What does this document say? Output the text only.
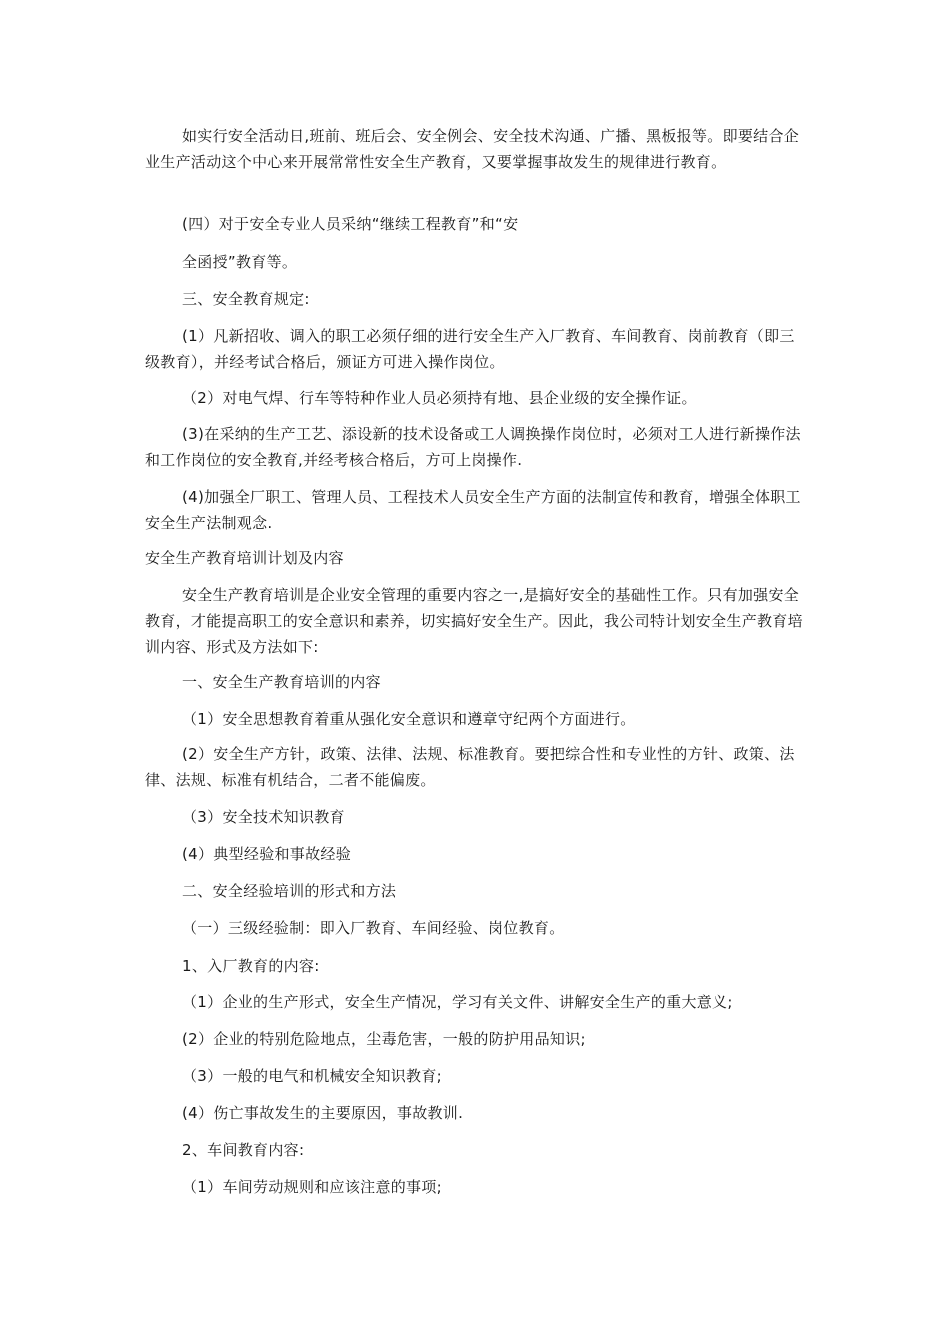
如实行安全活动日,班前、班后会、安全例会、安全技术沟通、广播、黑板报等。即要结合企业生产活动这个中心来开展常常性安全生产教育，又要掌握事故发生的规律进行教育。
(四）对于安全专业人员采纳“继续工程教育”和“安
全函授”教育等。
三、安全教育规定:
(1）凡新招收、调入的职工必须仔细的进行安全生产入厂教育、车间教育、岗前教育（即三级教育），并经考试合格后，颁证方可进入操作岗位。
（2）对电气焊、行车等特种作业人员必须持有地、县企业级的安全操作证。
(3)在采纳的生产工艺、添设新的技术设备或工人调换操作岗位时，必须对工人进行新操作法和工作岗位的安全教育,并经考核合格后，方可上岗操作.
(4)加强全厂职工、管理人员、工程技术人员安全生产方面的法制宣传和教育，增强全体职工安全生产法制观念.
安全生产教育培训计划及内容
安全生产教育培训是企业安全管理的重要内容之一,是搞好安全的基础性工作。只有加强安全教育，才能提高职工的安全意识和素养，切实搞好安全生产。因此，我公司特计划安全生产教育培训内容、形式及方法如下:
一、安全生产教育培训的内容
（1）安全思想教育着重从强化安全意识和遵章守纪两个方面进行。
(2）安全生产方针，政策、法律、法规、标准教育。要把综合性和专业性的方针、政策、法律、法规、标准有机结合，二者不能偏废。
（3）安全技术知识教育
(4）典型经验和事故经验
二、安全经验培训的形式和方法
（一）三级经验制：即入厂教育、车间经验、岗位教育。
1、入厂教育的内容:
（1）企业的生产形式，安全生产情况，学习有关文件、讲解安全生产的重大意义;
(2）企业的特别危险地点，尘毒危害，一般的防护用品知识;
（3）一般的电气和机械安全知识教育;
(4）伤亡事故发生的主要原因，事故教训.
2、车间教育内容:
（1）车间劳动规则和应该注意的事项;
